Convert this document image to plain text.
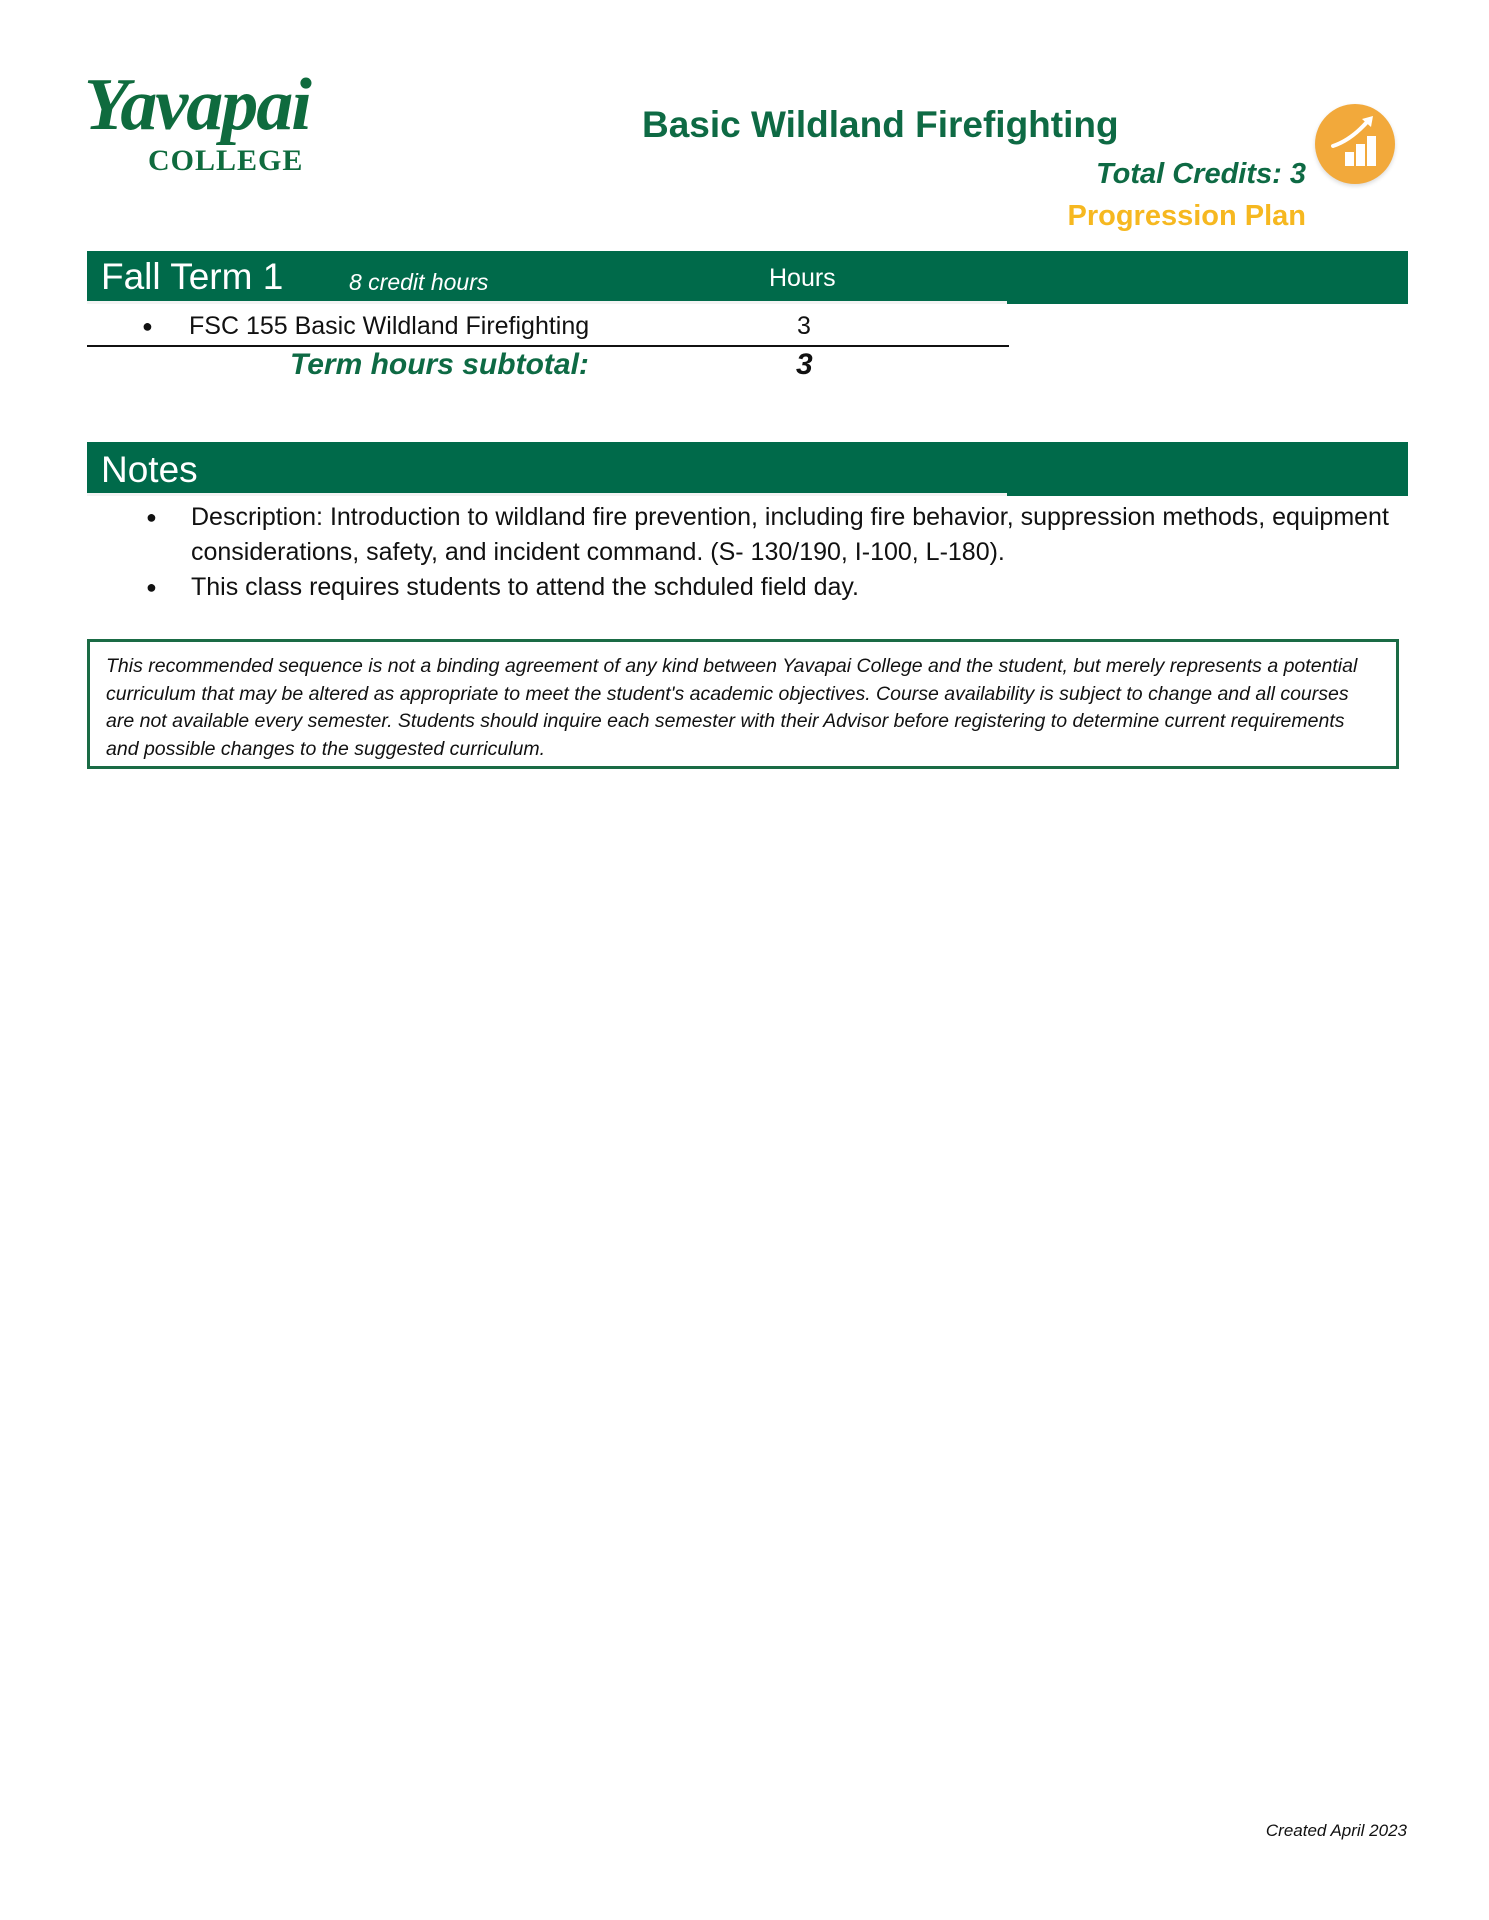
Yavapai
COLLEGE
Basic Wildland Firefighting
Total Credits: 3
Progression Plan
Fall Term 1	8 credit hours	Hours
● FSC 155 Basic Wildland Firefighting	3
Term hours subtotal:	3
Notes
● Description: Introduction to wildland fire prevention, including fire behavior, suppression methods, equipment considerations, safety, and incident command. (S- 130/190, I-100, L-180).
● This class requires students to attend the schduled field day.
This recommended sequence is not a binding agreement of any kind between Yavapai College and the student, but merely represents a potential curriculum that may be altered as appropriate to meet the student's academic objectives. Course availability is subject to change and all courses are not available every semester. Students should inquire each semester with their Advisor before registering to determine current requirements and possible changes to the suggested curriculum.
Created April 2023
